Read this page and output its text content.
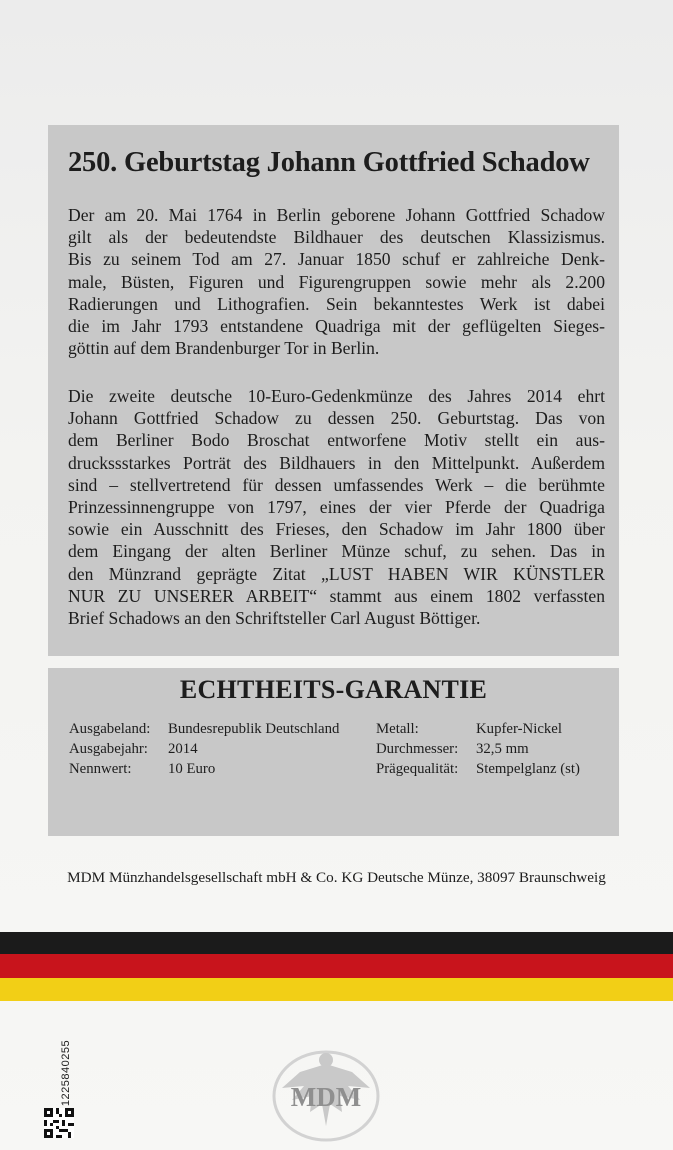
250. Geburtstag Johann Gottfried Schadow
Der am 20. Mai 1764 in Berlin geborene Johann Gottfried Schadow
gilt als der bedeutendste Bildhauer des deutschen Klassizismus.
Bis zu seinem Tod am 27. Januar 1850 schuf er zahlreiche Denk-
male, Büsten, Figuren und Figurengruppen sowie mehr als 2.200
Radierungen und Lithografien. Sein bekanntestes Werk ist dabei
die im Jahr 1793 entstandene Quadriga mit der geflügelten Sieges-
göttin auf dem Brandenburger Tor in Berlin.
Die zweite deutsche 10-Euro-Gedenkmünze des Jahres 2014 ehrt
Johann Gottfried Schadow zu dessen 250. Geburtstag. Das von
dem Berliner Bodo Broschat entworfene Motiv stellt ein aus-
druckssstarkes Porträt des Bildhauers in den Mittelpunkt. Außerdem
sind – stellvertretend für dessen umfassendes Werk – die berühmte
Prinzessinnengruppe von 1797, eines der vier Pferde der Quadriga
sowie ein Ausschnitt des Frieses, den Schadow im Jahr 1800 über
dem Eingang der alten Berliner Münze schuf, zu sehen. Das in
den Münzrand geprägte Zitat „LUST HABEN WIR KÜNSTLER
NUR ZU UNSERER ARBEIT“ stammt aus einem 1802 verfassten
Brief Schadows an den Schriftsteller Carl August Böttiger.
ECHTHEITS-GARANTIE
Ausgabeland: Bundesrepublik Deutschland
Ausgabejahr: 2014
Nennwert: 10 Euro
Metall:	Kupfer-Nickel
Durchmesser: 32,5 mm
Prägequalität: Stempelglanz (st)
MDM Münzhandelsgesellschaft mbH & Co. KG Deutsche Münze, 38097 Braunschweig
1225840255	MDM
